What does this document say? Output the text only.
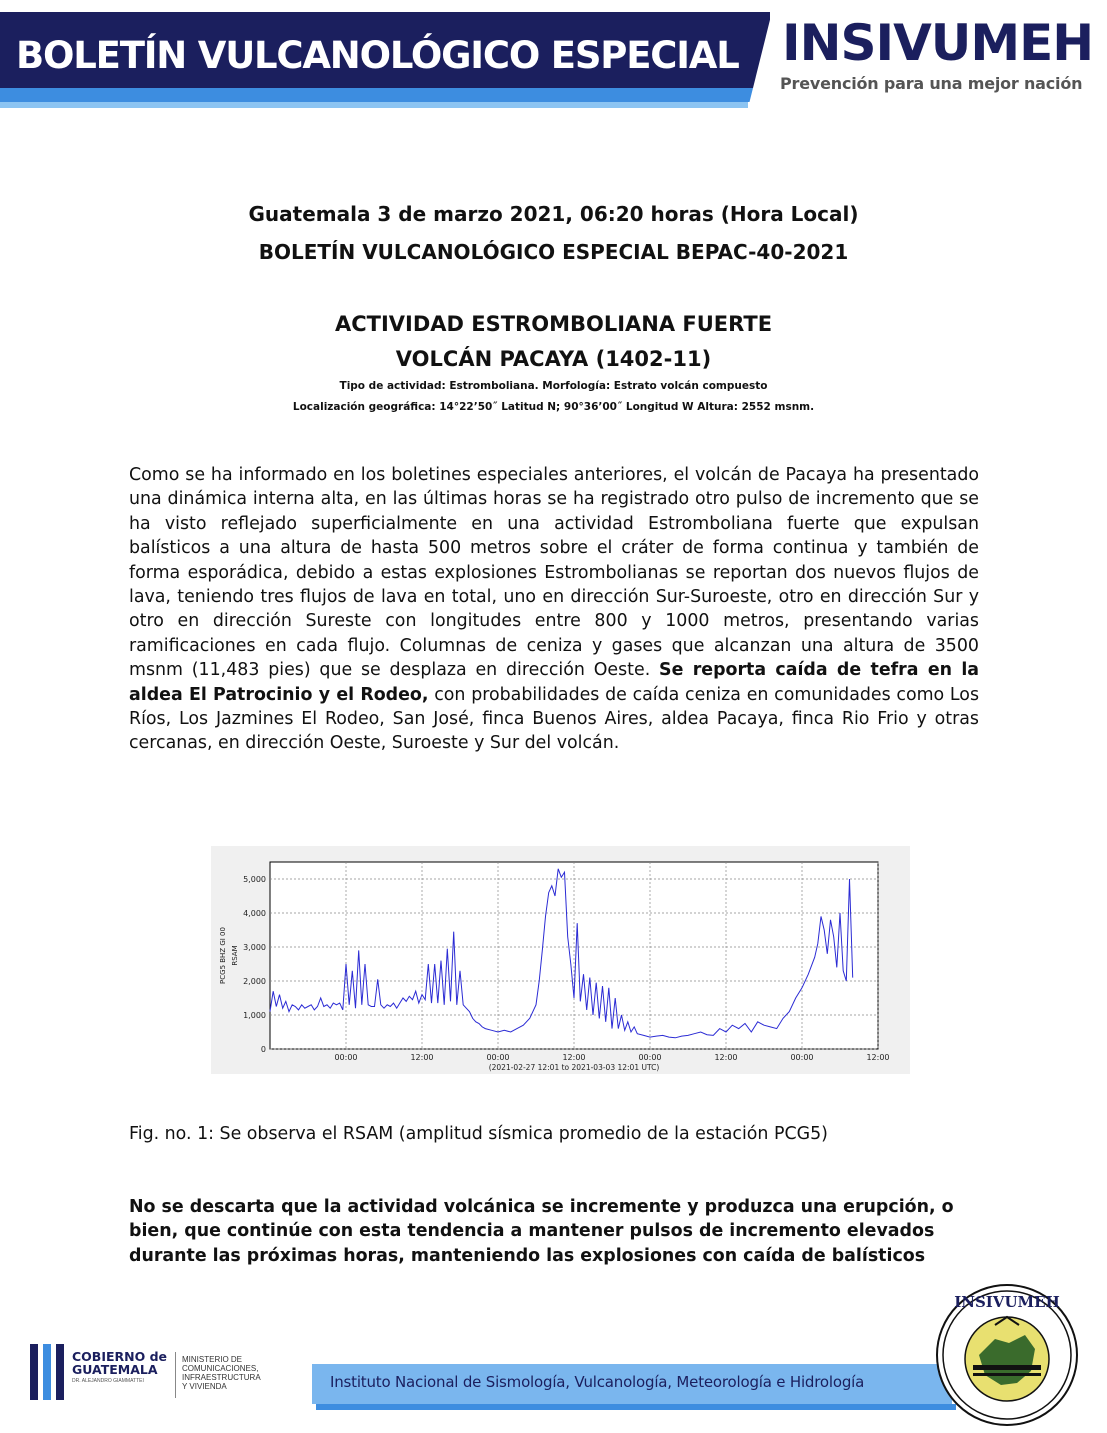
BOLETÍN VULCANOLÓGICO ESPECIAL INSIVUMEH
Prevención para una mejor nación
Guatemala 3 de marzo 2021, 06:20 horas (Hora Local)
BOLETÍN VULCANOLÓGICO ESPECIAL BEPAC-40-2021
ACTIVIDAD ESTROMBOLIANA FUERTE
VOLCÁN PACAYA (1402-11)
Tipo de actividad: Estromboliana. Morfología: Estrato volcán compuesto
Localización geográfica: 14°22’50˝ Latitud N; 90°36’00˝ Longitud W Altura: 2552 msnm.
Como se ha informado en los boletines especiales anteriores, el volcán de Pacaya ha presentado una dinámica interna alta, en las últimas horas se ha registrado otro pulso de incremento que se ha visto reflejado superficialmente en una actividad Estromboliana fuerte que expulsan balísticos a una altura de hasta 500 metros sobre el cráter de forma continua y también de forma esporádica, debido a estas explosiones Estrombolianas se reportan dos nuevos flujos de lava, teniendo tres flujos de lava en total, uno en dirección Sur-Suroeste, otro en dirección Sur y otro en dirección Sureste con longitudes entre 800 y 1000 metros, presentando varias ramificaciones en cada flujo. Columnas de ceniza y gases que alcanzan una altura de 3500 msnm (11,483 pies) que se desplaza en dirección Oeste. Se reporta caída de tefra en la aldea El Patrocinio y el Rodeo, con probabilidades de caída ceniza en comunidades como Los Ríos, Los Jazmines El Rodeo, San José, finca Buenos Aires, aldea Pacaya, finca Rio Frio y otras cercanas, en dirección Oeste, Suroeste y Sur del volcán.
0
1,000
2,000
3,000
4,000
5,000
00:00	12:00	00:00	12:00	00:00	12:00	00:00	12:00
PCG5 BHZ GI 00 RSAM
(2021-02-27 12:01 to 2021-03-03 12:01 UTC)
Fig. no. 1: Se observa el RSAM (amplitud sísmica promedio de la estación PCG5)
No se descarta que la actividad volcánica se incremente y produzca una erupción, o bien, que continúe con esta tendencia a mantener pulsos de incremento elevados durante las próximas horas, manteniendo las explosiones con caída de balísticos
COBIERNO de
GUATEMALA
DR. ALEJANDRO GIAMMATTEI
MINISTERIO DE
COMUNICACIONES,
INFRAESTRUCTURA
Y VIVIENDA	Instituto Nacional de Sismología, Vulcanología, Meteorología e Hidrología
INSIVUMEH
